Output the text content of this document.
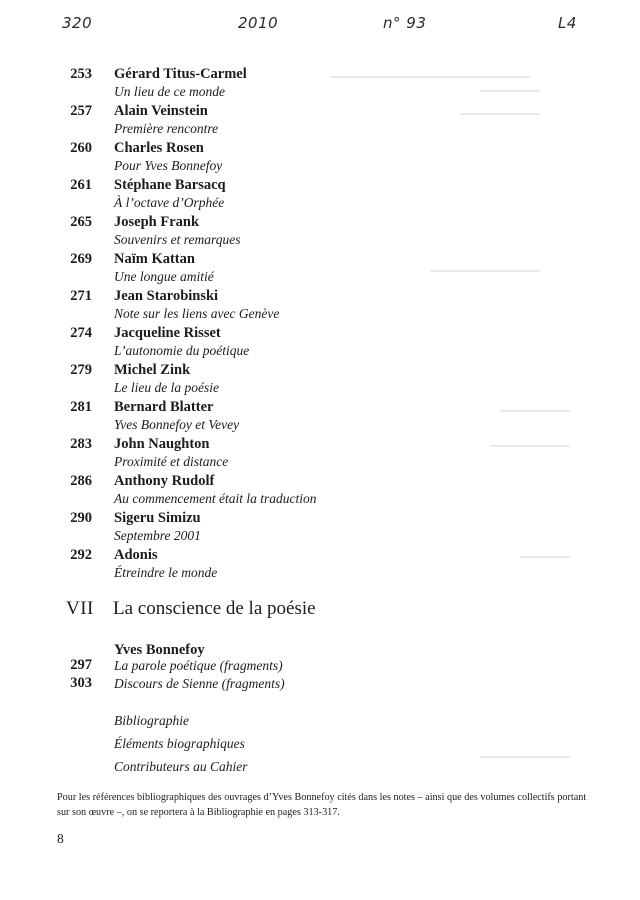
320	2010	n° 93	L4
253 Gérard Titus-Carmel
Un lieu de ce monde
257 Alain Veinstein
Première rencontre
260 Charles Rosen
Pour Yves Bonnefoy
261 Stéphane Barsacq
À l’octave d’Orphée
265 Joseph Frank
Souvenirs et remarques
269 Naïm Kattan
Une longue amitié
271 Jean Starobinski
Note sur les liens avec Genève
274 Jacqueline Risset
L’autonomie du poétique
279 Michel Zink
Le lieu de la poésie
281 Bernard Blatter
Yves Bonnefoy et Vevey
283 John Naughton
Proximité et distance
286 Anthony Rudolf
Au commencement était la traduction
290 Sigeru Simizu
Septembre 2001
292 Adonis
Étreindre le monde
VII La conscience de la poésie
Yves Bonnefoy
297 La parole poétique (fragments)
303 Discours de Sienne (fragments)
Bibliographie
Éléments biographiques
Contributeurs au Cahier
Pour les références bibliographiques des ouvrages d’Yves Bonnefoy cités dans les notes – ainsi que des volumes collectifs portant sur son œuvre –, on se reportera à la Bibliographie en pages 313-317.
8
